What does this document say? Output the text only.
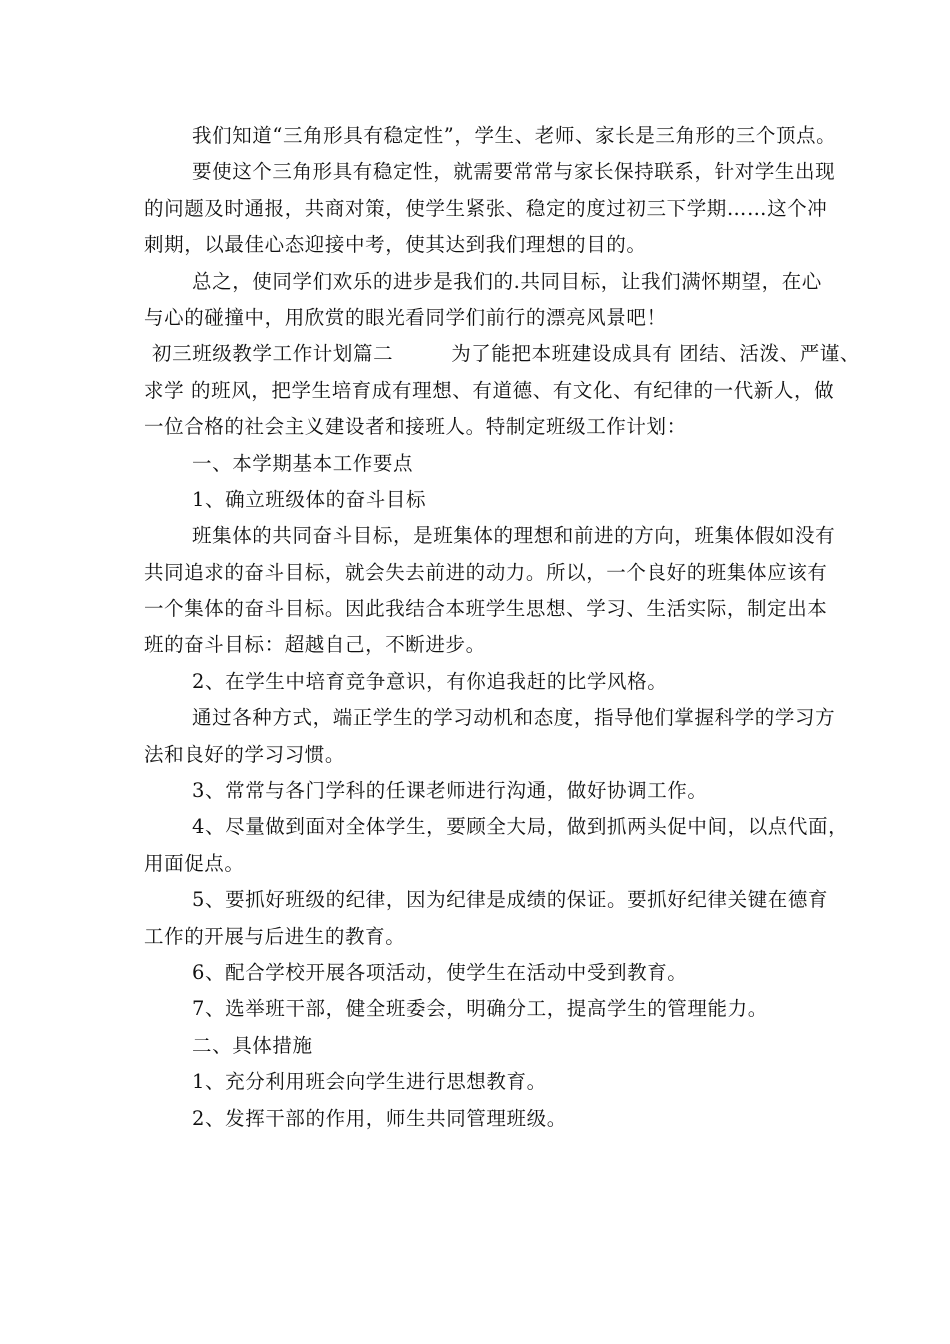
我们知道“三角形具有稳定性”，学生、老师、家长是三角形的三个顶点。
要使这个三角形具有稳定性，就需要常常与家长保持联系，针对学生出现
的问题及时通报，共商对策，使学生紧张、稳定的度过初三下学期……这个冲
刺期，以最佳心态迎接中考，使其达到我们理想的目的。
总之，使同学们欢乐的进步是我们的.共同目标，让我们满怀期望，在心
与心的碰撞中，用欣赏的眼光看同学们前行的漂亮风景吧！
初三班级教学工作计划篇二	为了能把本班建设成具有 团结、活泼、严谨、
求学 的班风，把学生培育成有理想、有道德、有文化、有纪律的一代新人，做
一位合格的社会主义建设者和接班人。特制定班级工作计划：
一、本学期基本工作要点
1、确立班级体的奋斗目标
班集体的共同奋斗目标，是班集体的理想和前进的方向，班集体假如没有
共同追求的奋斗目标，就会失去前进的动力。所以，一个良好的班集体应该有
一个集体的奋斗目标。因此我结合本班学生思想、学习、生活实际，制定出本
班的奋斗目标：超越自己，不断进步。
2、在学生中培育竞争意识，有你追我赶的比学风格。
通过各种方式，端正学生的学习动机和态度，指导他们掌握科学的学习方
法和良好的学习习惯。
3、常常与各门学科的任课老师进行沟通，做好协调工作。
4、尽量做到面对全体学生，要顾全大局，做到抓两头促中间，以点代面，
用面促点。
5、要抓好班级的纪律，因为纪律是成绩的保证。要抓好纪律关键在德育
工作的开展与后进生的教育。
6、配合学校开展各项活动，使学生在活动中受到教育。
7、选举班干部，健全班委会，明确分工，提高学生的管理能力。
二、具体措施
1、充分利用班会向学生进行思想教育。
2、发挥干部的作用，师生共同管理班级。
